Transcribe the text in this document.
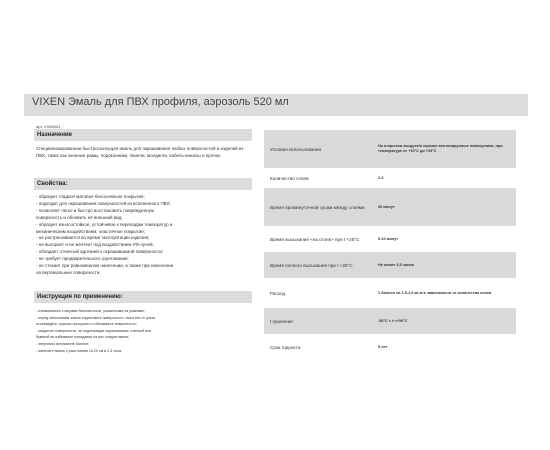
VIXEN Эмаль для ПВХ профиля, аэрозоль 520 мл
арт. VX55001
Назначение
Специализированная быстросохнущая эмаль для окрашивания любых поверхностей и изделий из ПВХ, таких как оконные рамы, подоконники, панели, молдинги, кабель-каналы и прочих.
Свойства:
- образует гладкое матовое белоснежное покрытие;
- подходит для окрашивания поверхностей из вспененного ПВХ;
- позволяет легко и быстро восстановить поврежденную
поверхность и обновить её внешний вид;
- образует износостойкое, устойчивое к перепадам температур и
механическим воздействиям, эластичное покрытие;
- не растрескивается во время эксплуатации изделия;
- не выгорает и не желтеет под воздействием УФ-лучей;
- обладает отличной адгезией к окрашиваемой поверхности;
- не требует предварительного грунтования;
- не стекает при равномерном нанесении, а также при нанесении
на вертикальные поверхности.
Инструкция по применению:
- ознакомьтесь с мерами безопасности, указанными на упаковке;
- перед нанесением эмали подготовьте поверхность: очистите от грязи,
отшлифуйте, хорошо просушите и обезжирьте поверхность;
- защитите поверхности, не подлежащие окрашиванию, пленкой или
бумагой во избежание попадания на них следов эмали;
- энергично встряхните баллон;
- нанесите эмаль с расстояния 15-20 см в 2-3 слоя.
Условия использования	На открытом воздухе/в хорошо вентилируемых помещениях, при температуре от +10°С до +25°С
Количество слоев	2-3
Время промежуточной сушки между слоями	30 минут
Время высыхания «на отлип» при t +25°С	5-10 минут
Время полного высыхания при t +25°С	Не менее 3,5 часов
Расход	1 баллон на 1,5-2,5 кв.м в зависимости от количества слоев
t хранения	-50°С < t <+50°С
Срок годности	5 лет
